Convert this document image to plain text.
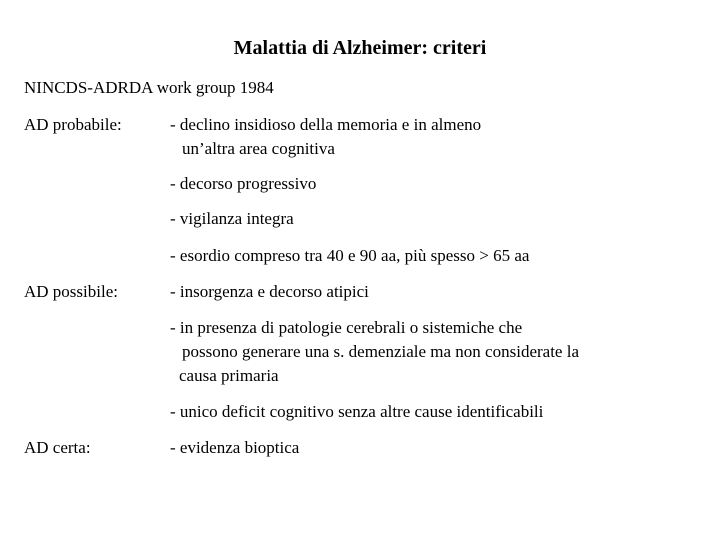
Malattia di Alzheimer: criteri
NINCDS-ADRDA work group 1984
AD probabile:	- declino insidioso della memoria e in almeno
un’altra area cognitiva
- decorso progressivo
- vigilanza integra
- esordio compreso tra 40 e 90 aa, più spesso > 65 aa
AD possibile:	- insorgenza e decorso atipici
- in presenza di patologie cerebrali o sistemiche che
possono generare una s. demenziale ma non considerate la
causa primaria
- unico deficit cognitivo senza altre cause identificabili
AD certa:	- evidenza bioptica
